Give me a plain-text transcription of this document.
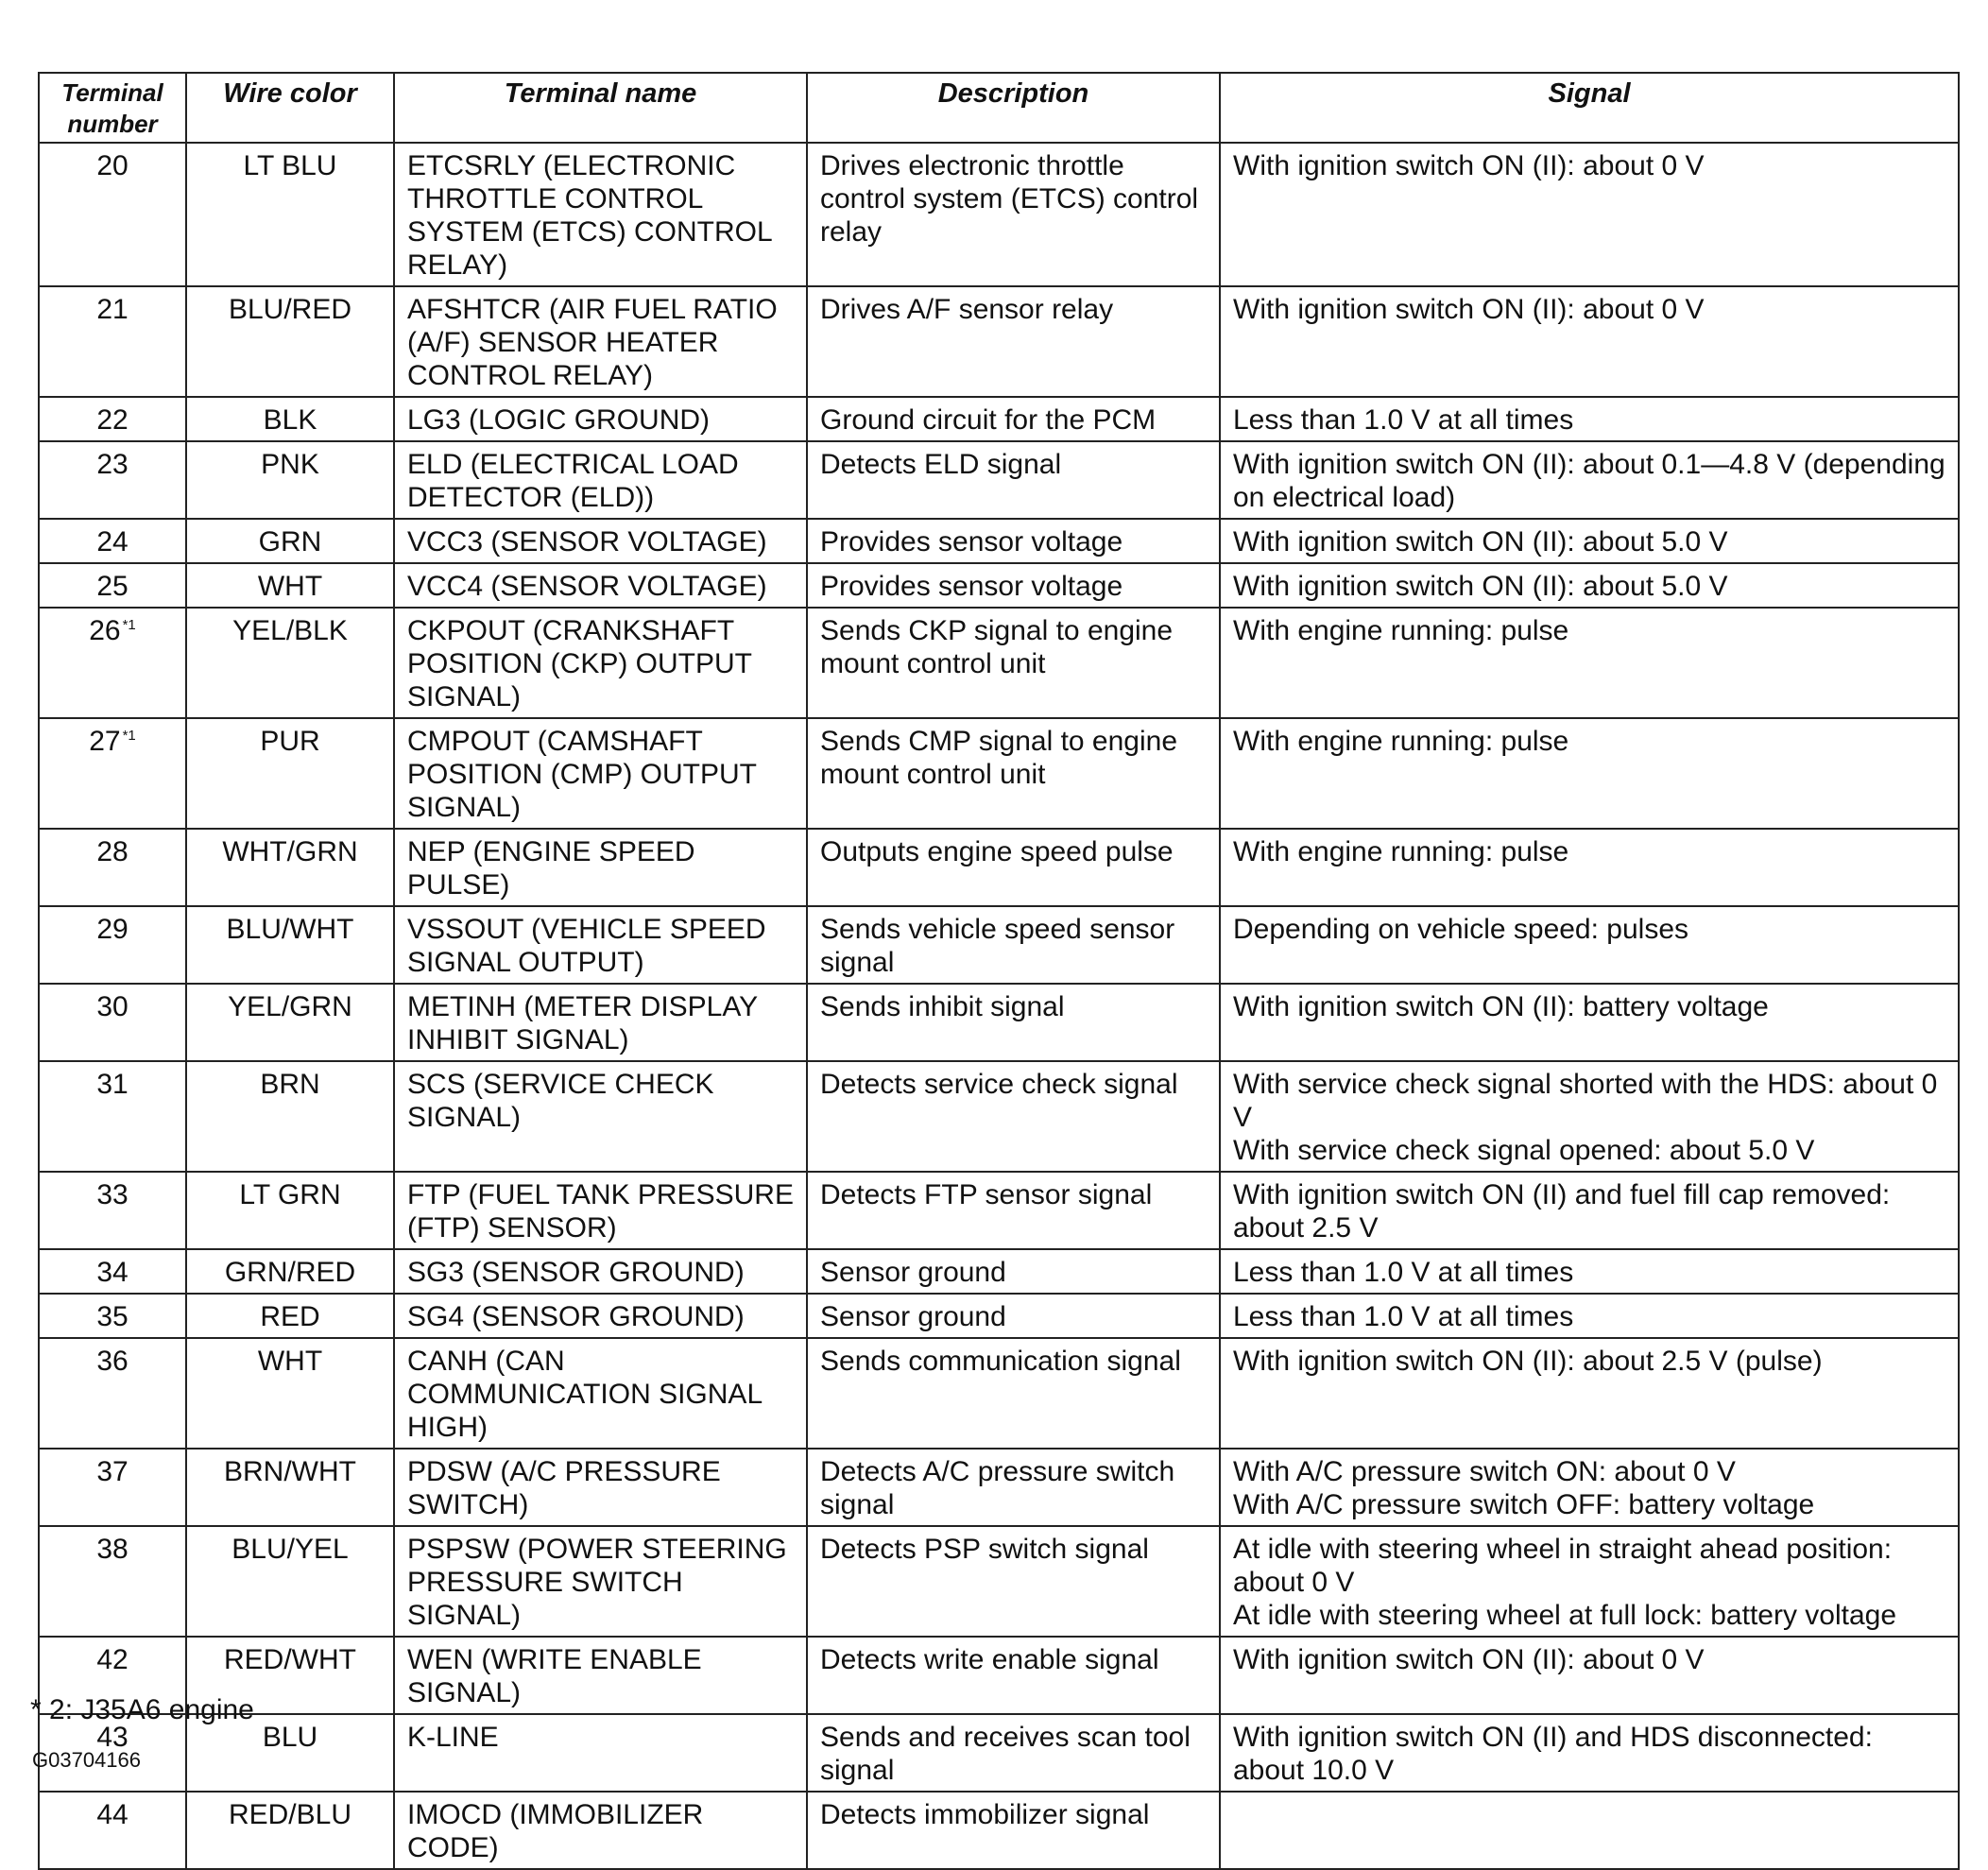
Terminal number	Wire color	Terminal name	Description	Signal
20	LT BLU	ETCSRLY (ELECTRONIC THROTTLE CONTROL SYSTEM (ETCS) CONTROL RELAY)	Drives electronic throttle control system (ETCS) control relay	With ignition switch ON (II): about 0 V
21	BLU/RED	AFSHTCR (AIR FUEL RATIO (A/F) SENSOR HEATER CONTROL RELAY)	Drives A/F sensor relay	With ignition switch ON (II): about 0 V
22	BLK	LG3 (LOGIC GROUND)	Ground circuit for the PCM	Less than 1.0 V at all times
23	PNK	ELD (ELECTRICAL LOAD DETECTOR (ELD))	Detects ELD signal	With ignition switch ON (II): about 0.1—4.8 V (depending on electrical load)
24	GRN	VCC3 (SENSOR VOLTAGE)	Provides sensor voltage	With ignition switch ON (II): about 5.0 V
25	WHT	VCC4 (SENSOR VOLTAGE)	Provides sensor voltage	With ignition switch ON (II): about 5.0 V
26 $^{*1}$	YEL/BLK	CKPOUT (CRANKSHAFT POSITION (CKP) OUTPUT SIGNAL)	Sends CKP signal to engine mount control unit	With engine running: pulse
27 $^{*1}$	PUR	CMPOUT (CAMSHAFT POSITION (CMP) OUTPUT SIGNAL)	Sends CMP signal to engine mount control unit	With engine running: pulse
28	WHT/GRN	NEP (ENGINE SPEED PULSE)	Outputs engine speed pulse	With engine running: pulse
29	BLU/WHT	VSSOUT (VEHICLE SPEED SIGNAL OUTPUT)	Sends vehicle speed sensor signal	Depending on vehicle speed: pulses
30	YEL/GRN	METINH (METER DISPLAY INHIBIT SIGNAL)	Sends inhibit signal	With ignition switch ON (II): battery voltage
31	BRN	SCS (SERVICE CHECK SIGNAL)	Detects service check signal	With service check signal shorted with the HDS: about 0 V
With service check signal opened: about 5.0 V
33	LT GRN	FTP (FUEL TANK PRESSURE (FTP) SENSOR)	Detects FTP sensor signal	With ignition switch ON (II) and fuel fill cap removed: about 2.5 V
34	GRN/RED	SG3 (SENSOR GROUND)	Sensor ground	Less than 1.0 V at all times
35	RED	SG4 (SENSOR GROUND)	Sensor ground	Less than 1.0 V at all times
36	WHT	CANH (CAN COMMUNICATION SIGNAL HIGH)	Sends communication signal	With ignition switch ON (II): about 2.5 V (pulse)
37	BRN/WHT	PDSW (A/C PRESSURE SWITCH)	Detects A/C pressure switch signal	With A/C pressure switch ON: about 0 V
With A/C pressure switch OFF: battery voltage
38	BLU/YEL	PSPSW (POWER STEERING PRESSURE SWITCH SIGNAL)	Detects PSP switch signal	At idle with steering wheel in straight ahead position: about 0 V
At idle with steering wheel at full lock: battery voltage
42	RED/WHT	WEN (WRITE ENABLE SIGNAL)	Detects write enable signal	With ignition switch ON (II): about 0 V
43	BLU	K-LINE	Sends and receives scan tool signal	With ignition switch ON (II) and HDS disconnected: about 10.0 V
44	RED/BLU	IMOCD (IMMOBILIZER CODE)	Detects immobilizer signal	
* 2: J35A6 engine
G03704166
